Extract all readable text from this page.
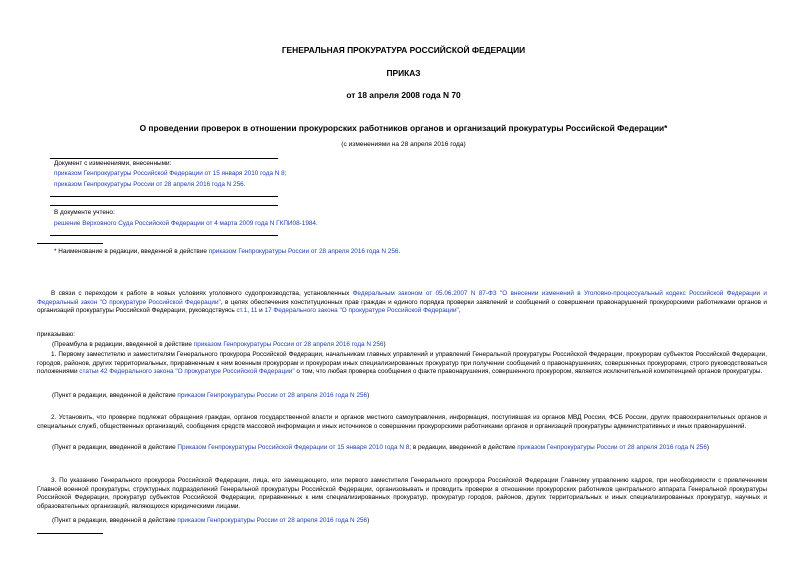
ГЕНЕРАЛЬНАЯ ПРОКУРАТУРА РОССИЙСКОЙ ФЕДЕРАЦИИ
ПРИКАЗ
от 18 апреля 2008 года N 70
О проведении проверок в отношении прокурорских работников органов и организаций прокуратуры Российской Федерации*
(с изменениями на 28 апреля 2016 года)
Документ с изменениями, внесенными:
приказом Генпрокуратуры Российской Федерации от 15 января 2010 года N 8;
приказом Генпрокуратуры России от 28 апреля 2016 года N 256.
В документе учтено:
решение Верховного Суда Российской Федерации от 4 марта 2009 года N ГКПИ08-1984.
* Наименование в редакции, введенной в действие приказом Генпрокуратуры России от 28 апреля 2016 года N 256.
В связи с переходом к работе в новых условиях уголовного судопроизводства, установленных Федеральным законом от 05.06.2007 N 87-ФЗ "О внесении изменений в Уголовно-процессуальный кодекс Российской Федерации и Федеральный закон "О прокуратуре Российской Федерации", в целях обеспечения конституционных прав граждан и единого порядка проверки заявлений и сообщений о совершении правонарушений прокурорскими работниками органов и организаций прокуратуры Российской Федерации, руководствуясь ст.1, 11 и 17 Федерального закона "О прокуратуре Российской Федерации",
приказываю:
(Преамбула в редакции, введенной в действие приказом Генпрокуратуры России от 28 апреля 2016 года N 256)
1. Первому заместителю и заместителям Генерального прокурора Российской Федерации, начальникам главных управлений и управлений Генеральной прокуратуры Российской Федерации, прокурорам субъектов Российской Федерации, городов, районов, других территориальных, приравненным к ним военным прокурорам и прокурорам иных специализированных прокуратур при получении сообщений о правонарушениях, совершенных прокурорами, строго руководствоваться положениями статьи 42 Федерального закона "О прокуратуре Российской Федерации" о том, что любая проверка сообщения о факте правонарушения, совершенного прокурором, является исключительной компетенцией органов прокуратуры.
(Пункт в редакции, введенной в действие приказом Генпрокуратуры России от 28 апреля 2016 года N 256)
2. Установить, что проверке подлежат обращения граждан, органов государственной власти и органов местного самоуправления, информация, поступившая из органов МВД России, ФСБ России, других правоохранительных органов и специальных служб, общественных организаций, сообщения средств массовой информации и иных источников о совершении прокурорскими работниками органов и организаций прокуратуры административных и иных правонарушений.
(Пункт в редакции, введенной в действие Приказом Генпрокуратуры Российской Федерации от 15 января 2010 года N 8; в редакции, введенной в действие приказом Генпрокуратуры России от 28 апреля 2016 года N 256)
3. По указанию Генерального прокурора Российской Федерации, лица, его замещающего, или первого заместителя Генерального прокурора Российской Федерации Главному управлению кадров, при необходимости с привлечением Главной военной прокуратуры, структурных подразделений Генеральной прокуратуры Российской Федерации, организовывать и проводить проверки в отношении прокурорских работников центрального аппарата Генеральной прокуратуры Российской Федерации, прокуратур субъектов Российской Федерации, приравненных к ним специализированных прокуратур, прокуратур городов, районов, других территориальных и иных специализированных прокуратур, научных и образовательных организаций, являющихся юридическими лицами.
(Пункт в редакции, введенной в действие приказом Генпрокуратуры России от 28 апреля 2016 года N 256)
